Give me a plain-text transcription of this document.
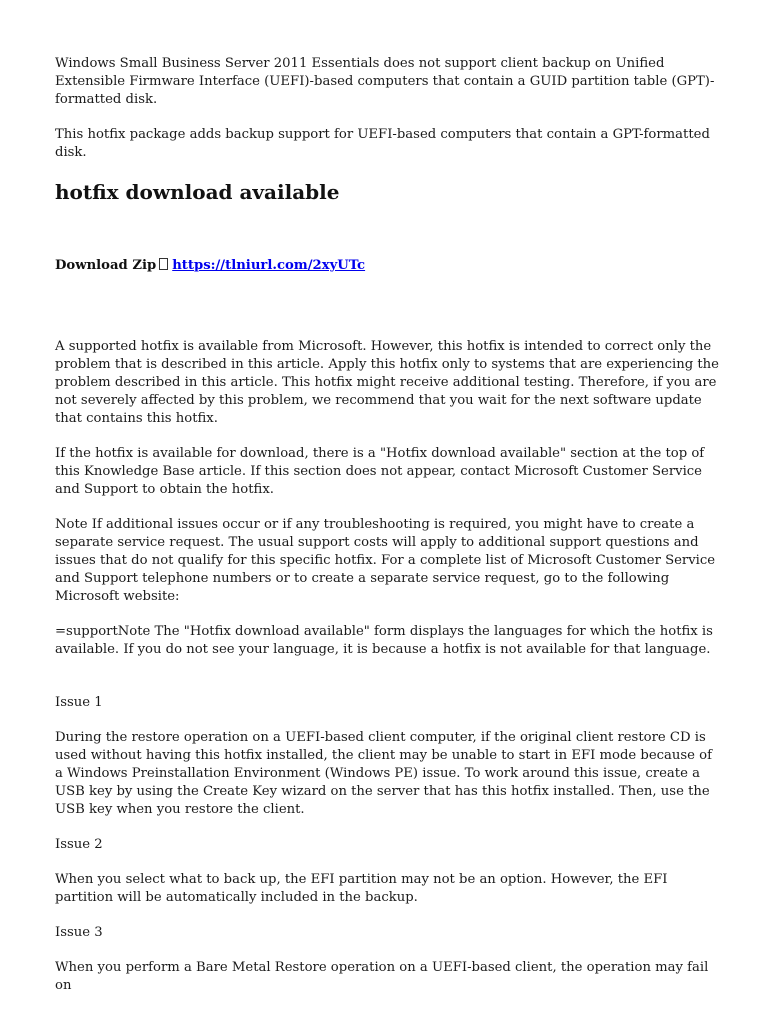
Windows Small Business Server 2011 Essentials does not support client backup on Unified Extensible Firmware Interface (UEFI)-based computers that contain a GUID partition table (GPT)-formatted disk.

This hotfix package adds backup support for UEFI-based computers that contain a GPT-formatted disk.

hotfix download available
Download Zip https://tlniurl.com/2xyUTc

A supported hotfix is available from Microsoft. However, this hotfix is intended to correct only the problem that is described in this article. Apply this hotfix only to systems that are experiencing the problem described in this article. This hotfix might receive additional testing. Therefore, if you are not severely affected by this problem, we recommend that you wait for the next software update that contains this hotfix.

If the hotfix is available for download, there is a "Hotfix download available" section at the top of this Knowledge Base article. If this section does not appear, contact Microsoft Customer Service and Support to obtain the hotfix.

Note If additional issues occur or if any troubleshooting is required, you might have to create a separate service request. The usual support costs will apply to additional support questions and issues that do not qualify for this specific hotfix. For a complete list of Microsoft Customer Service and Support telephone numbers or to create a separate service request, go to the following Microsoft website:

=supportNote The "Hotfix download available" form displays the languages for which the hotfix is available. If you do not see your language, it is because a hotfix is not available for that language.

Issue 1

During the restore operation on a UEFI-based client computer, if the original client restore CD is used without having this hotfix installed, the client may be unable to start in EFI mode because of a Windows Preinstallation Environment (Windows PE) issue. To work around this issue, create a USB key by using the Create Key wizard on the server that has this hotfix installed. Then, use the USB key when you restore the client.

Issue 2

When you select what to back up, the EFI partition may not be an option. However, the EFI partition will be automatically included in the backup.

Issue 3

When you perform a Bare Metal Restore operation on a UEFI-based client, the operation may fail on
